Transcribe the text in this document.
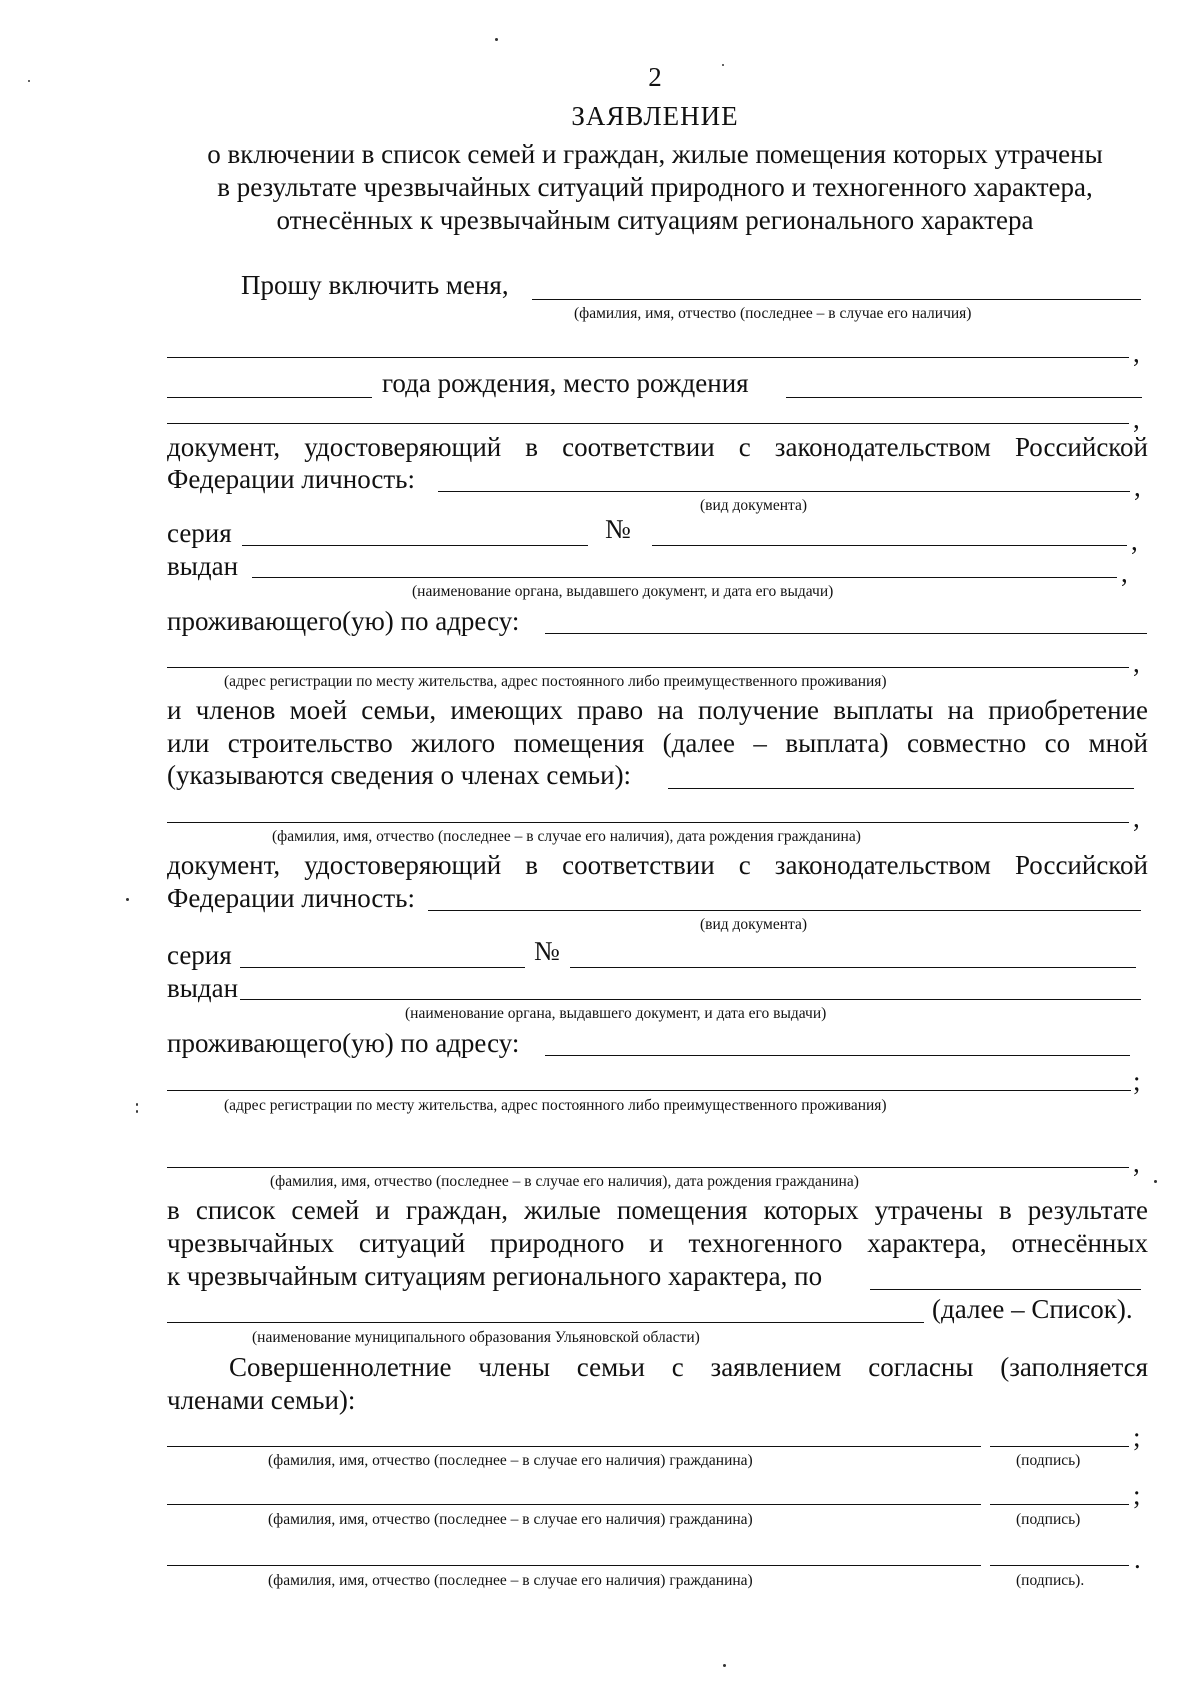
2
ЗАЯВЛЕНИЕ
о включении в список семей и граждан, жилые помещения которых утрачены
в результате чрезвычайных ситуаций природного и техногенного характера,
отнесённых к чрезвычайным ситуациям регионального характера
Прошу включить меня,
(фамилия, имя, отчество (последнее – в случае его наличия)
,
года рождения, место рождения
,
документ, удостоверяющий в соответствии с законодательством Российской
Федерации личность:	,
(вид документа)
серия	№	,
выдан	,
(наименование органа, выдавшего документ, и дата его выдачи)
проживающего(ую) по адресу:
,
(адрес регистрации по месту жительства, адрес постоянного либо преимущественного проживания)
и членов моей семьи, имеющих право на получение выплаты на приобретение
или строительство жилого помещения (далее – выплата) совместно со мной
(указываются сведения о членах семьи):
,
(фамилия, имя, отчество (последнее – в случае его наличия), дата рождения гражданина)
документ, удостоверяющий в соответствии с законодательством Российской
Федерации личность:
(вид документа)
серия	№
выдан
(наименование органа, выдавшего документ, и дата его выдачи)
проживающего(ую) по адресу:
;
(адрес регистрации по месту жительства, адрес постоянного либо преимущественного проживания)
,
(фамилия, имя, отчество (последнее – в случае его наличия), дата рождения гражданина)
в список семей и граждан, жилые помещения которых утрачены в результате
чрезвычайных ситуаций природного и техногенного характера, отнесённых
к чрезвычайным ситуациям регионального характера, по
(далее – Список).
(наименование муниципального образования Ульяновской области)
Совершеннолетние члены семьи с заявлением согласны (заполняется
членами семьи):
;
(фамилия, имя, отчество (последнее – в случае его наличия) гражданина)	(подпись)
;
(фамилия, имя, отчество (последнее – в случае его наличия) гражданина)	(подпись)
.
(фамилия, имя, отчество (последнее – в случае его наличия) гражданина)	(подпись).
